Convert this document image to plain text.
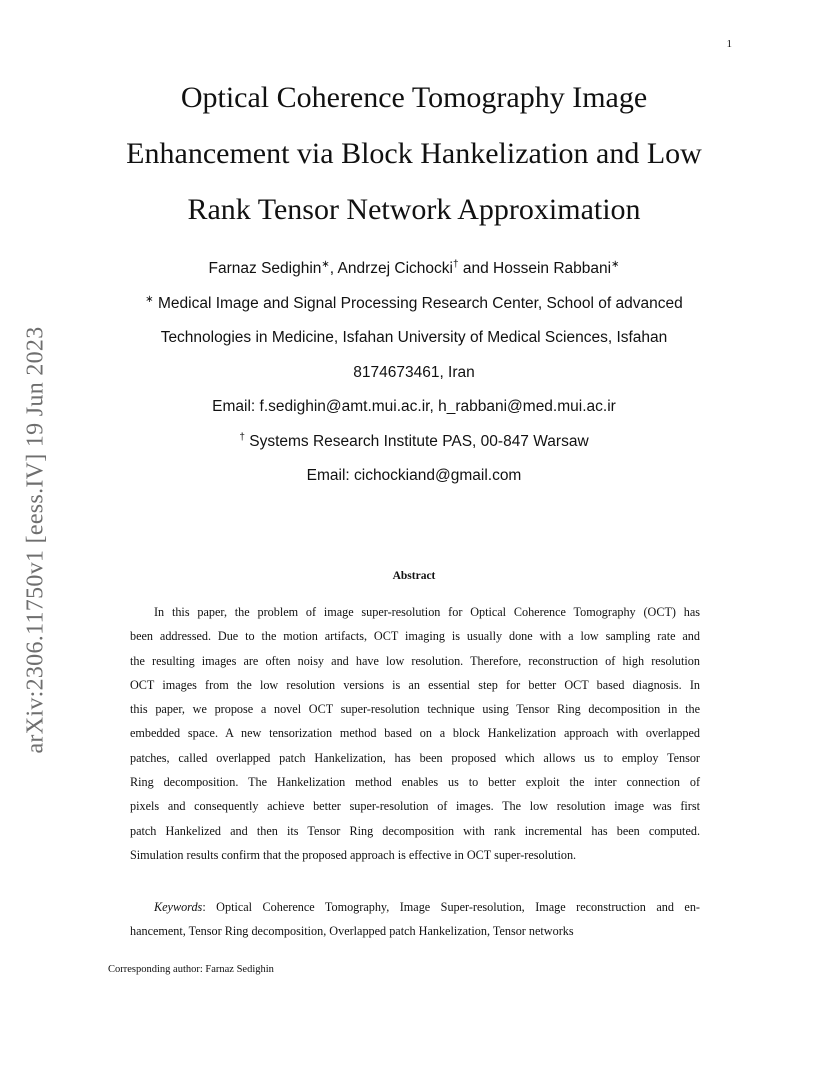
1
arXiv:2306.11750v1 [eess.IV] 19 Jun 2023
Optical Coherence Tomography Image
Enhancement via Block Hankelization and Low
Rank Tensor Network Approximation
Farnaz Sedighin∗, Andrzej Cichocki† and Hossein Rabbani∗
∗ Medical Image and Signal Processing Research Center, School of advanced
Technologies in Medicine, Isfahan University of Medical Sciences, Isfahan
8174673461, Iran
Email: f.sedighin@amt.mui.ac.ir, h_rabbani@med.mui.ac.ir
† Systems Research Institute PAS, 00-847 Warsaw
Email: cichockiand@gmail.com
Abstract
In this paper, the problem of image super-resolution for Optical Coherence Tomography (OCT) has
been addressed. Due to the motion artifacts, OCT imaging is usually done with a low sampling rate and
the resulting images are often noisy and have low resolution. Therefore, reconstruction of high resolution
OCT images from the low resolution versions is an essential step for better OCT based diagnosis. In
this paper, we propose a novel OCT super-resolution technique using Tensor Ring decomposition in the
embedded space. A new tensorization method based on a block Hankelization approach with overlapped
patches, called overlapped patch Hankelization, has been proposed which allows us to employ Tensor
Ring decomposition. The Hankelization method enables us to better exploit the inter connection of
pixels and consequently achieve better super-resolution of images. The low resolution image was first
patch Hankelized and then its Tensor Ring decomposition with rank incremental has been computed.
Simulation results confirm that the proposed approach is effective in OCT super-resolution.
Keywords: Optical Coherence Tomography, Image Super-resolution, Image reconstruction and en-
hancement, Tensor Ring decomposition, Overlapped patch Hankelization, Tensor networks
Corresponding author: Farnaz Sedighin
